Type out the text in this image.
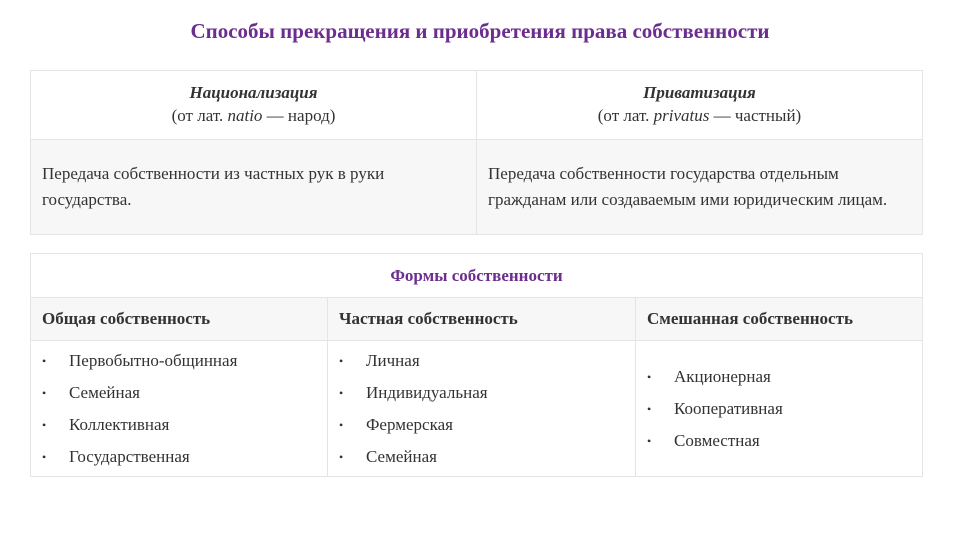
Способы прекращения и приобретения права собственности
Национализация
(от лат. natio — народ)
Приватизация
(от лат. privatus — частный)
Передача собственности из частных рук в руки государства.
Передача собственности государства отдельным гражданам или создаваемым ими юридическим лицам.
Формы собственности
Общая собственность	Частная собственность	Смешанная собственность
• Первобытно-общинная
• Семейная
• Коллективная
• Государственная
• Личная
• Индивидуальная
• Фермерская
• Семейная
• Акционерная
• Кооперативная
• Совместная
